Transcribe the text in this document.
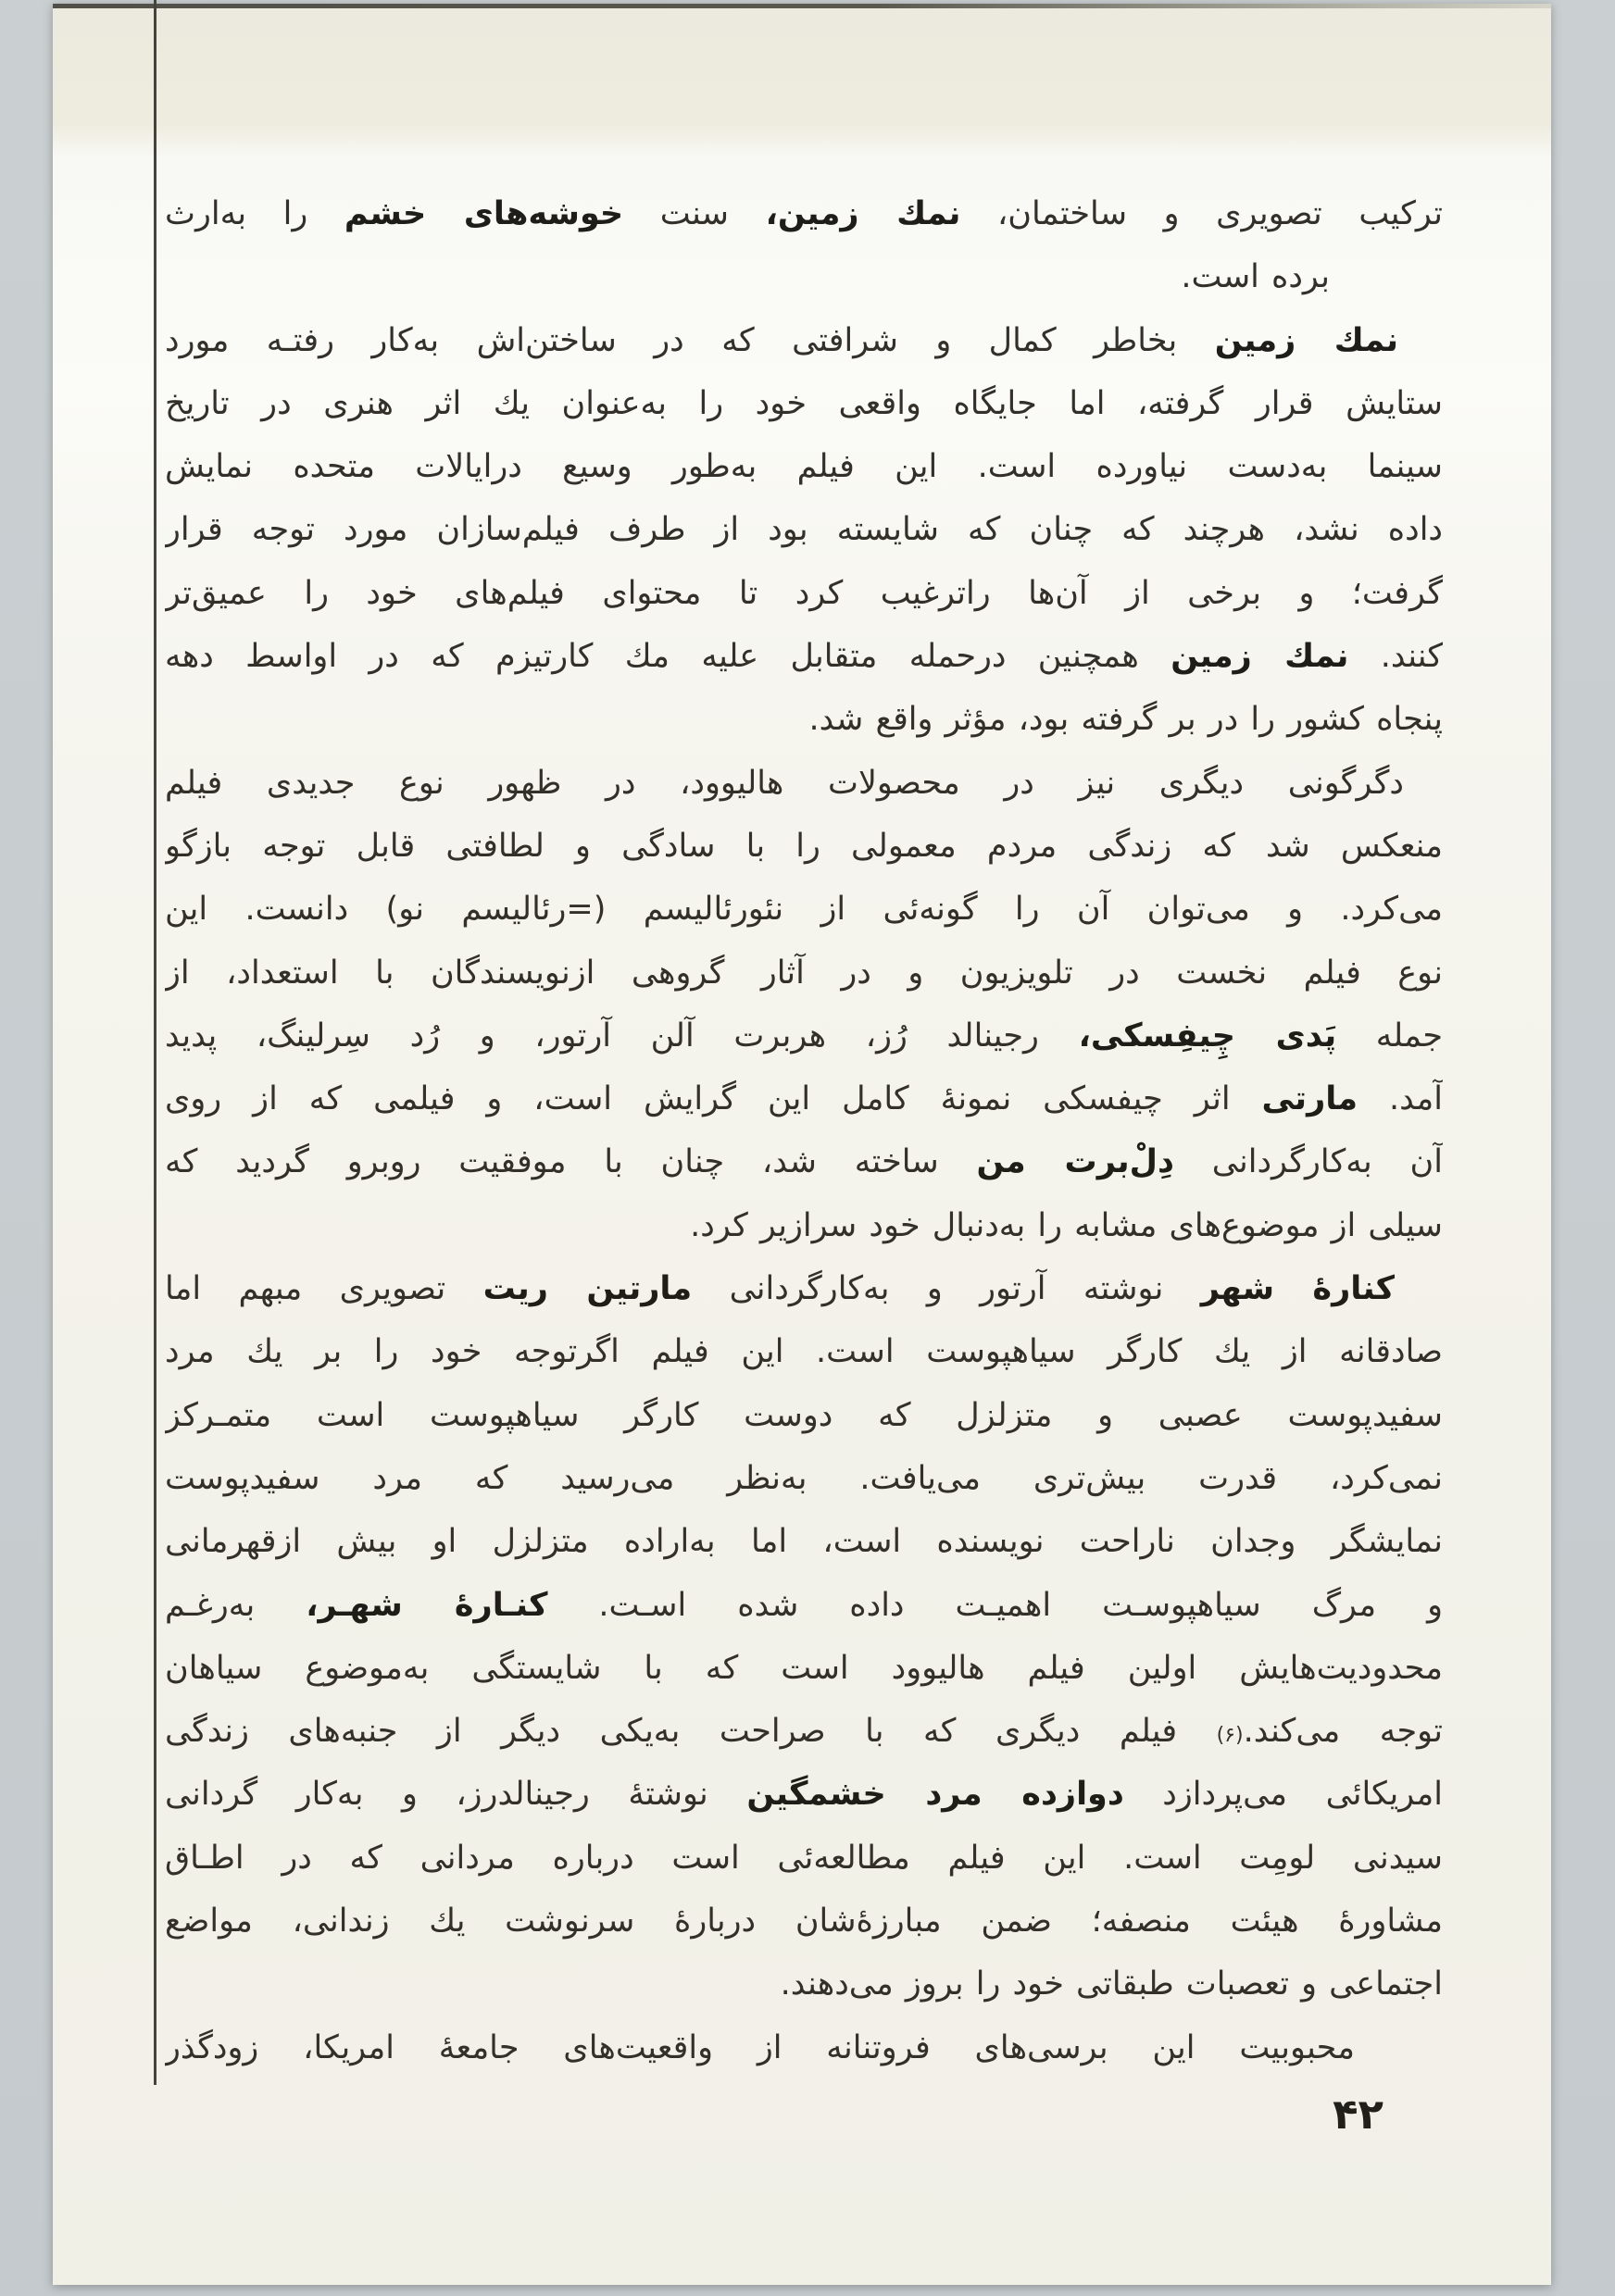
ترکیب تصویری و ساختمان، نمك زمین، سنت خوشه‌های خشم را به‌ارث
برده است.
نمك زمین بخاطر کمال و شرافتی که در ساختن‌اش به‌کار رفتـه مورد
ستایش قرار گرفته، اما جایگاه واقعی خود را به‌عنوان یك اثر هنری در تاریخ
سینما به‌دست نیاورده است. این فیلم به‌طور وسیع درایالات متحده نمایش
داده نشد، هرچند که چنان که شایسته بود از طرف فیلم‌سازان مورد توجه قرار
گرفت؛ و برخی از آن‌ها راترغیب کرد تا محتوای فیلم‌های خود را عمیق‌تر
کنند. نمك زمین همچنین درحمله متقابل علیه مك کارتیزم که در اواسط دهه
پنجاه کشور را در بر گرفته بود، مؤثر واقع شد.
دگرگونی دیگری نیز در محصولات هالیوود، در ظهور نوع جدیدی فیلم
منعکس شد که زندگی مردم معمولی را با سادگی و لطافتی قابل توجه بازگو
می‌کرد. و می‌توان آن را گونه‌ئی از نئورئالیسم (=رئالیسم نو) دانست. این
نوع فیلم نخست در تلویزیون و در آثار گروهی ازنویسندگان با استعداد، از
جمله پَدی چِیفِسکی، رجینالد رُز، هربرت آلن آرتور، و رُد سِرلینگ، پدید
آمد. مارتی اثر چیفسکی نمونهٔ کامل این گرایش است، و فیلمی که از روی
آن به‌کارگردانی دِلْ‌برت من ساخته شد، چنان با موفقیت روبرو گردید که
سیلی از موضوع‌های مشابه را به‌دنبال خود سرازیر کرد.
کنارهٔ شهر نوشته آرتور و به‌کارگردانی مارتین ریت تصویری مبهم اما
صادقانه از یك کارگر سیاهپوست است. این فیلم اگرتوجه خود را بر یك مرد
سفیدپوست عصبی و متزلزل که دوست کارگر سیاهپوست است متمـرکز
نمی‌کرد، قدرت بیش‌تری می‌یافت. به‌نظر می‌رسید که مرد سفیدپوست
نمایشگر وجدان ناراحت نویسنده است، اما به‌اراده متزلزل او بیش ازقهرمانی
و مرگ سیاهپوسـت اهمیـت داده شده اسـت. کنـارهٔ شهـر، به‌رغـم
محدودیت‌هایش اولین فیلم هالیوود است که با شایستگی به‌موضوع سیاهان
توجه می‌کند.(۶) فیلم دیگری که با صراحت به‌یکی دیگر از جنبه‌های زندگی
امریکائی می‌پردازد دوازده مرد خشمگین نوشتهٔ رجینالدرز، و به‌کار گردانی
سیدنی لومِت است. این فیلم مطالعه‌ئی است درباره مردانی که در اطـاق
مشاورهٔ هیئت منصفه؛ ضمن مبارزهٔ‌شان دربارهٔ سرنوشت یك زندانی، مواضع
اجتماعی و تعصبات طبقاتی خود را بروز می‌دهند.
محبوبیت این برسی‌های فروتنانه از واقعیت‌های جامعهٔ امریکا، زودگذر
۴۲
